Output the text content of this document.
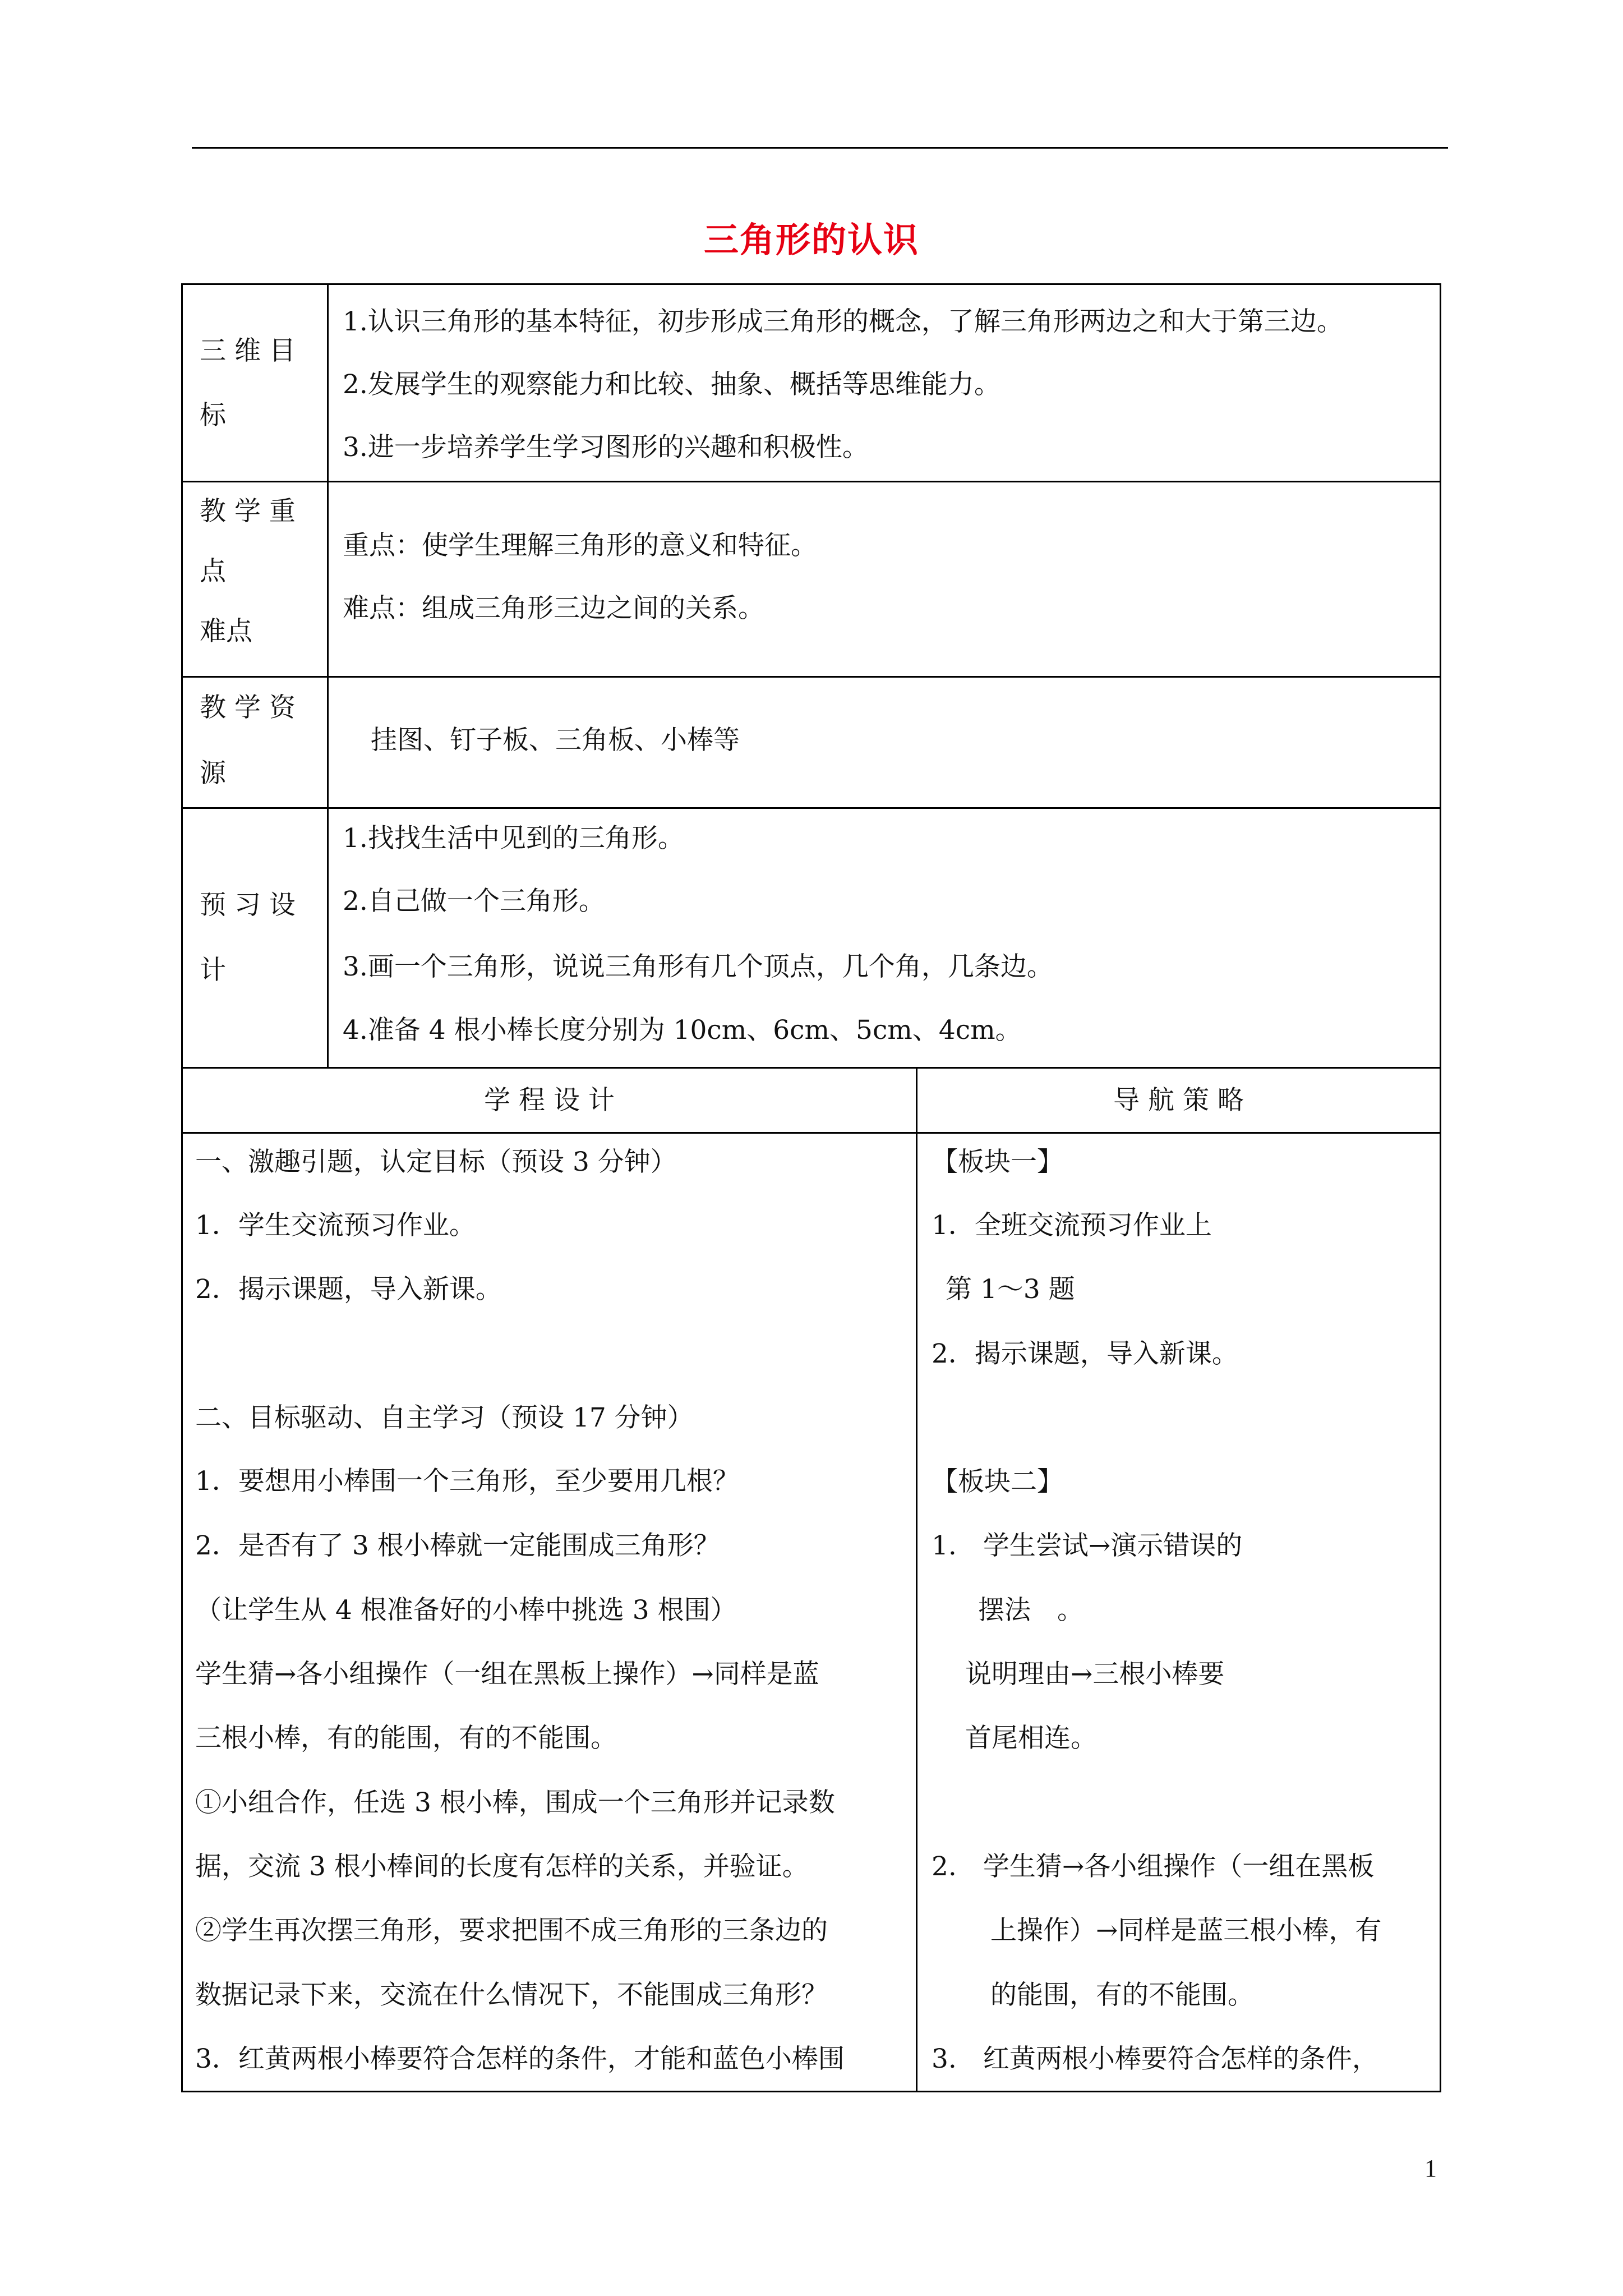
三角形的认识
三 维 目
标
1.认识三角形的基本特征，初步形成三角形的概念，了解三角形两边之和大于第三边。
2.发展学生的观察能力和比较、抽象、概括等思维能力。
3.进一步培养学生学习图形的兴趣和积极性。
教 学 重
点
难点
重点：使学生理解三角形的意义和特征。
难点：组成三角形三边之间的关系。
教 学 资
源
挂图、钉子板、三角板、小棒等
预 习 设
计
1.找找生活中见到的三角形。
2.自己做一个三角形。
3.画一个三角形，说说三角形有几个顶点，几个角，几条边。
4.准备 4 根小棒长度分别为 10cm、6cm、5cm、4cm。
学 程 设 计	导 航 策 略
一、激趣引题，认定目标（预设 3 分钟）
1．学生交流预习作业。
2．揭示课题，导入新课。
二、目标驱动、自主学习（预设 17 分钟）
1．要想用小棒围一个三角形，至少要用几根？
2．是否有了 3 根小棒就一定能围成三角形？
（让学生从 4 根准备好的小棒中挑选 3 根围）
学生猜→各小组操作（一组在黑板上操作）→同样是蓝
三根小棒，有的能围，有的不能围。
①小组合作，任选 3 根小棒，围成一个三角形并记录数
据，交流 3 根小棒间的长度有怎样的关系，并验证。
②学生再次摆三角形，要求把围不成三角形的三条边的
数据记录下来，交流在什么情况下，不能围成三角形？
3．红黄两根小棒要符合怎样的条件，才能和蓝色小棒围
【板块一】
1．全班交流预习作业上
第 1～3 题
2．揭示课题，导入新课。
【板块二】
1.　学生尝试→演示错误的
摆法　。
说明理由→三根小棒要
首尾相连。
2.　学生猜→各小组操作（一组在黑板
上操作）→同样是蓝三根小棒，有
的能围，有的不能围。
3.　红黄两根小棒要符合怎样的条件，
1
